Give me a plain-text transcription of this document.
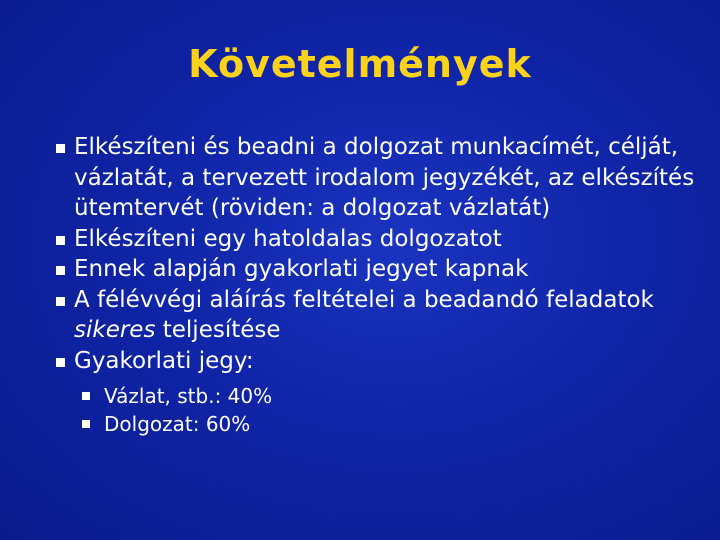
Követelmények
Elkészíteni és beadni a dolgozat munkacímét, célját, vázlatát, a tervezett irodalom jegyzékét, az elkészítés ütemtervét (röviden: a dolgozat vázlatát)
Elkészíteni egy hatoldalas dolgozatot
Ennek alapján gyakorlati jegyet kapnak
A félévvégi aláírás feltételei a beadandó feladatok sikeres teljesítése
Gyakorlati jegy:
Vázlat, stb.: 40%
Dolgozat: 60%
